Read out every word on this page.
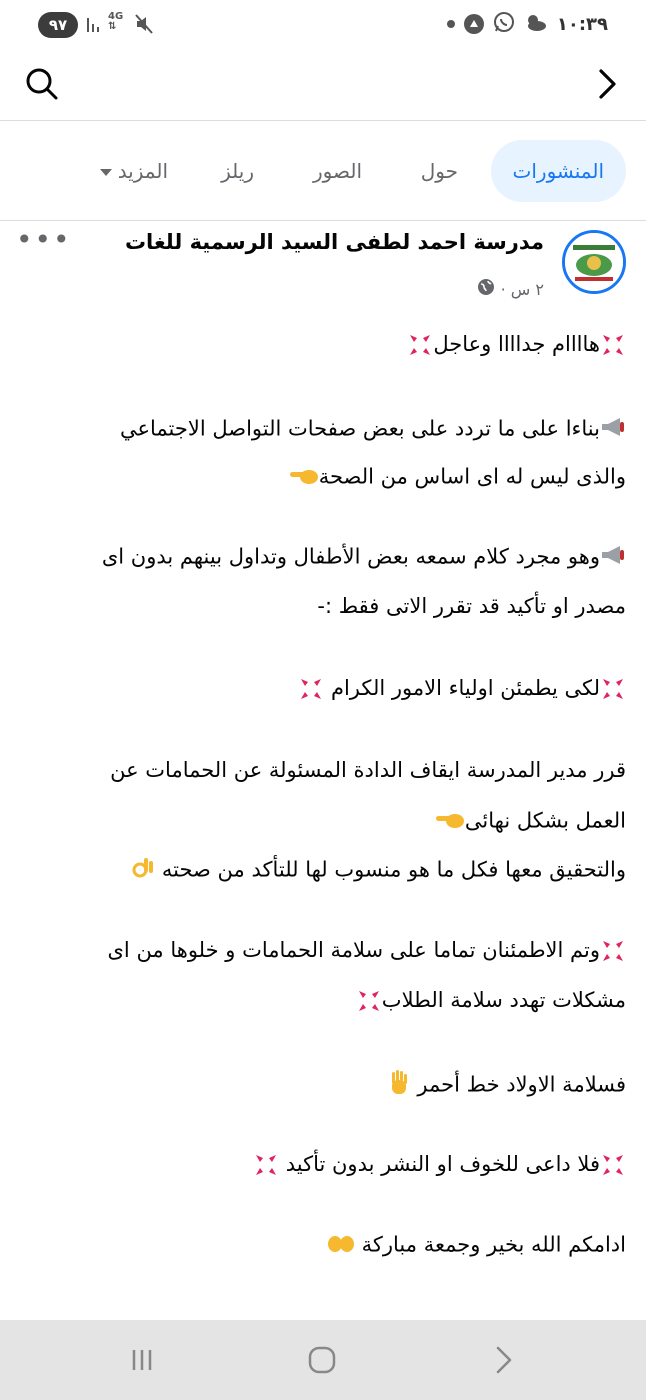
٩٧	4G
⇅	١٠:٣٩
المنشورات
حول
الصور
ريلز
المزيد
مدرسة احمد لطفى السيد الرسمية للغات
٢ س ·
•••
هاااام جداااا وعاجل
بناءا على ما تردد على بعض صفحات التواصل الاجتماعي
والذى ليس له اى اساس من الصحة
وهو مجرد كلام سمعه بعض الأطفال وتداول بينهم بدون اى
مصدر او تأكيد قد تقرر الاتى فقط :-
لكى يطمئن اولياء الامور الكرام
قرر مدير المدرسة ايقاف الدادة المسئولة عن الحمامات عن
العمل بشكل نهائى
والتحقيق معها فكل ما هو منسوب لها للتأكد من صحته
وتم الاطمئنان تماما على سلامة الحمامات و خلوها من اى
مشكلات تهدد سلامة الطلاب
فسلامة الاولاد خط أحمر
فلا داعى للخوف او النشر بدون تأكيد
ادامكم الله بخير وجمعة مباركة
